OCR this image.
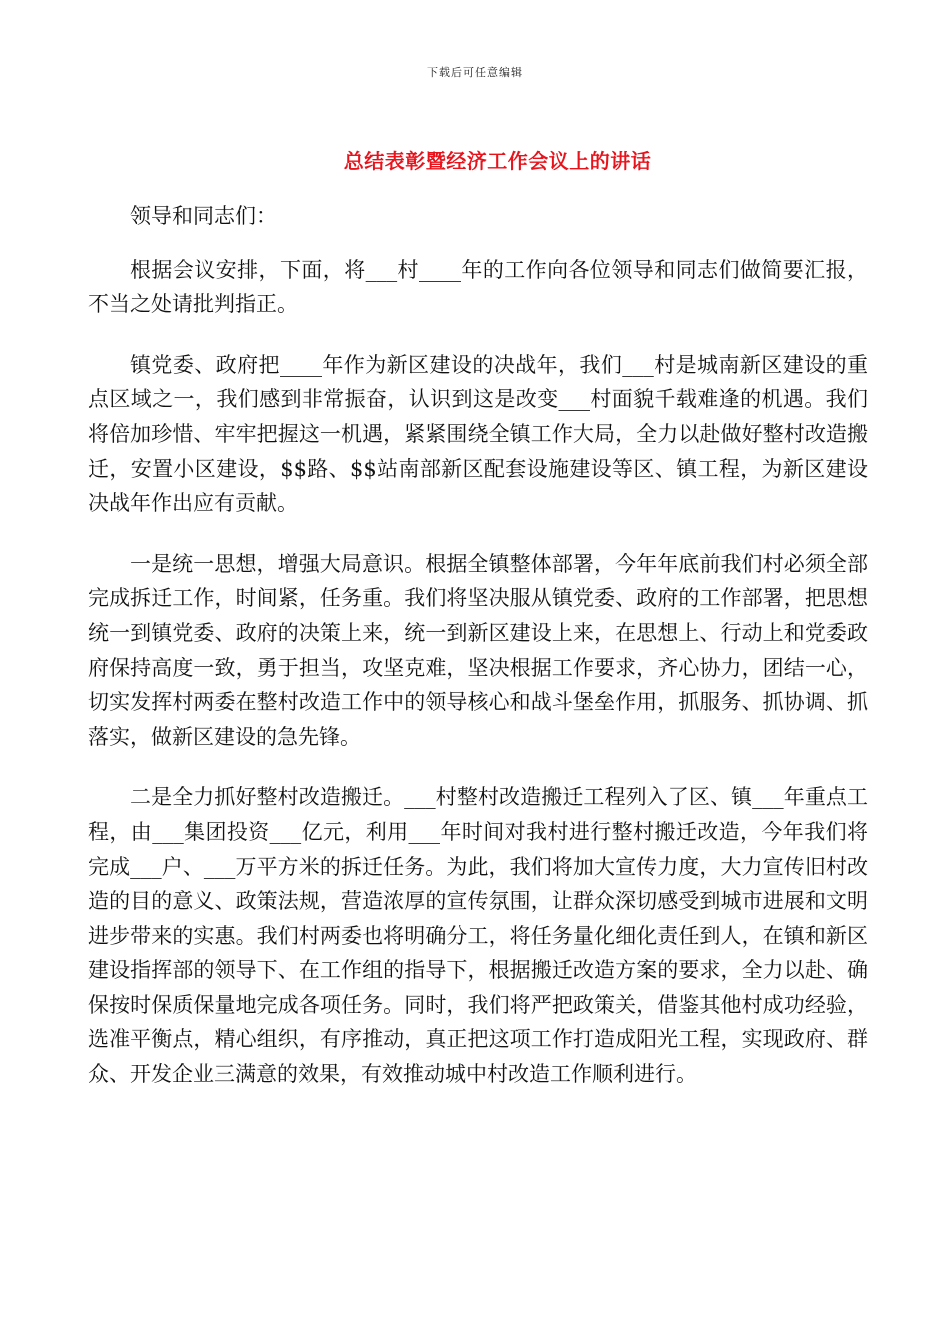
下载后可任意编辑
总结表彰暨经济工作会议上的讲话

领导和同志们：

根据会议安排，下面，将___村____年的工作向各位领导和同志们做简要汇报，不当之处请批判指正。

镇党委、政府把____年作为新区建设的决战年，我们___村是城南新区建设的重点区域之一，我们感到非常振奋，认识到这是改变___村面貌千载难逢的机遇。我们将倍加珍惜、牢牢把握这一机遇，紧紧围绕全镇工作大局，全力以赴做好整村改造搬迁，安置小区建设，$$路、$$站南部新区配套设施建设等区、镇工程，为新区建设决战年作出应有贡献。

一是统一思想，增强大局意识。根据全镇整体部署，今年年底前我们村必须全部完成拆迁工作，时间紧，任务重。我们将坚决服从镇党委、政府的工作部署，把思想统一到镇党委、政府的决策上来，统一到新区建设上来，在思想上、行动上和党委政府保持高度一致，勇于担当，攻坚克难，坚决根据工作要求，齐心协力，团结一心，切实发挥村两委在整村改造工作中的领导核心和战斗堡垒作用，抓服务、抓协调、抓落实，做新区建设的急先锋。

二是全力抓好整村改造搬迁。___村整村改造搬迁工程列入了区、镇___年重点工程，由___集团投资___亿元，利用___年时间对我村进行整村搬迁改造，今年我们将完成___户、___万平方米的拆迁任务。为此，我们将加大宣传力度，大力宣传旧村改造的目的意义、政策法规，营造浓厚的宣传氛围，让群众深切感受到城市进展和文明进步带来的实惠。我们村两委也将明确分工，将任务量化细化责任到人，在镇和新区建设指挥部的领导下、在工作组的指导下，根据搬迁改造方案的要求，全力以赴、确保按时保质保量地完成各项任务。同时，我们将严把政策关，借鉴其他村成功经验，选准平衡点，精心组织，有序推动，真正把这项工作打造成阳光工程，实现政府、群众、开发企业三满意的效果，有效推动城中村改造工作顺利进行。
